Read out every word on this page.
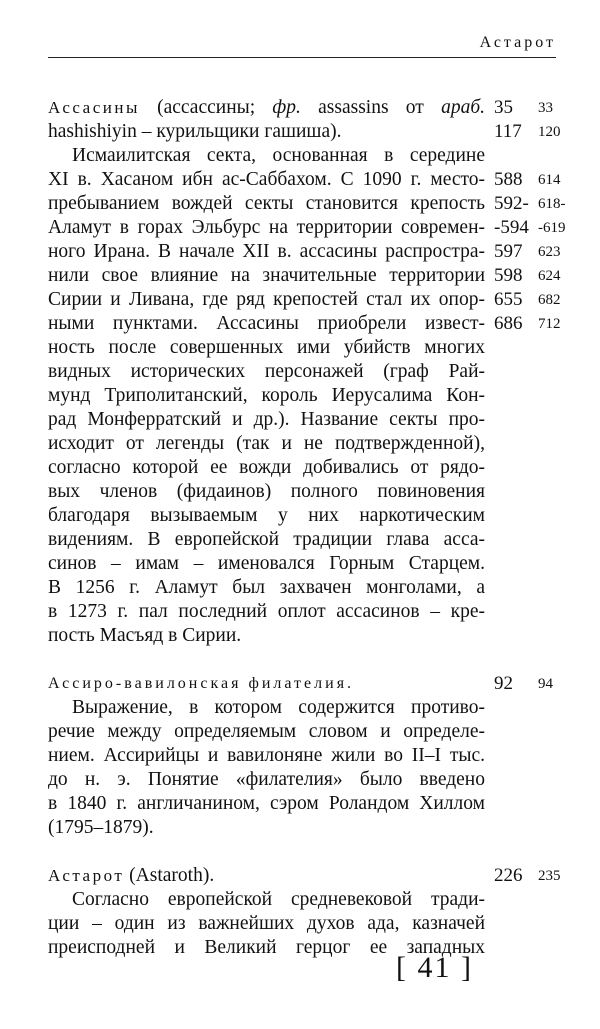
Астарот
Ассасины (ассассины; фр. assassins от араб.
hashishiyin – курильщики гашиша).
Исмаилитская секта, основанная в середине
XI в. Хасаном ибн ас-Саббахом. С 1090 г. место-
пребыванием вождей секты становится крепость
Аламут в горах Эльбурс на территории современ-
ного Ирана. В начале XII в. ассасины распростра-
нили свое влияние на значительные территории
Сирии и Ливана, где ряд крепостей стал их опор-
ными пунктами. Ассасины приобрели извест-
ность после совершенных ими убийств многих
видных исторических персонажей (граф Рай-
мунд Триполитанский, король Иерусалима Кон-
рад Монферратский и др.). Название секты про-
исходит от легенды (так и не подтвержденной),
согласно которой ее вожди добивались от рядо-
вых членов (фидаинов) полного повиновения
благодаря вызываемым у них наркотическим
видениям. В европейской традиции глава асса-
синов – имам – именовался Горным Старцем.
В 1256 г. Аламут был захвачен монголами, а
в 1273 г. пал последний оплот ассасинов – кре-
пость Масъяд в Сирии.
35	33
117	120
588	614
592- 618-
-594 -619
597	623
598	624
655	682
686	712
Ассиро-вавилонская филателия.
Выражение, в котором содержится противо-
речие между определяемым словом и определе-
нием. Ассирийцы и вавилоняне жили во II–I тыс.
до н. э. Понятие «филателия» было введено
в 1840 г. англичанином, сэром Роландом Хиллом
(1795–1879).
92	94
Астарот (Astaroth).
Согласно европейской средневековой тради-
ции – один из важнейших духов ада, казначей
преисподней и Великий герцог ее западных
226	235
[ 41 ]
